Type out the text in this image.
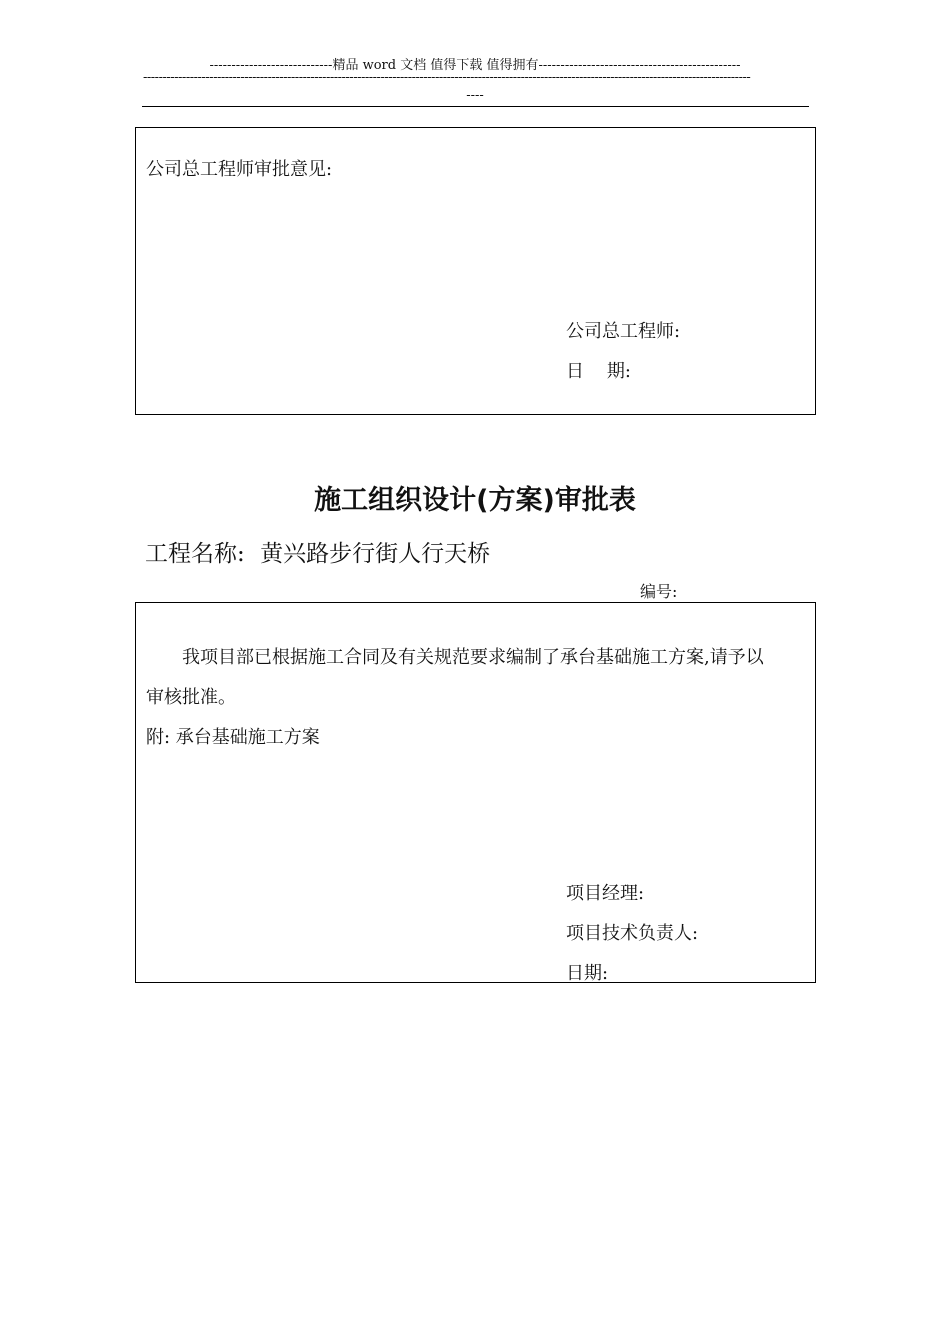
----------------------------精品 word 文档 值得下载 值得拥有----------------------------------------------
------------------------------------------------------------------------------------------------------------------------------------------------------------
----
公司总工程师审批意见:
公司总工程师:
日    期:
施工组织设计(方案)审批表
工程名称: 黄兴路步行街人行天桥
编号:
我项目部已根据施工合同及有关规范要求编制了承台基础施工方案,请予以
审核批准。
附: 承台基础施工方案
项目经理:
项目技术负责人:
日期:
